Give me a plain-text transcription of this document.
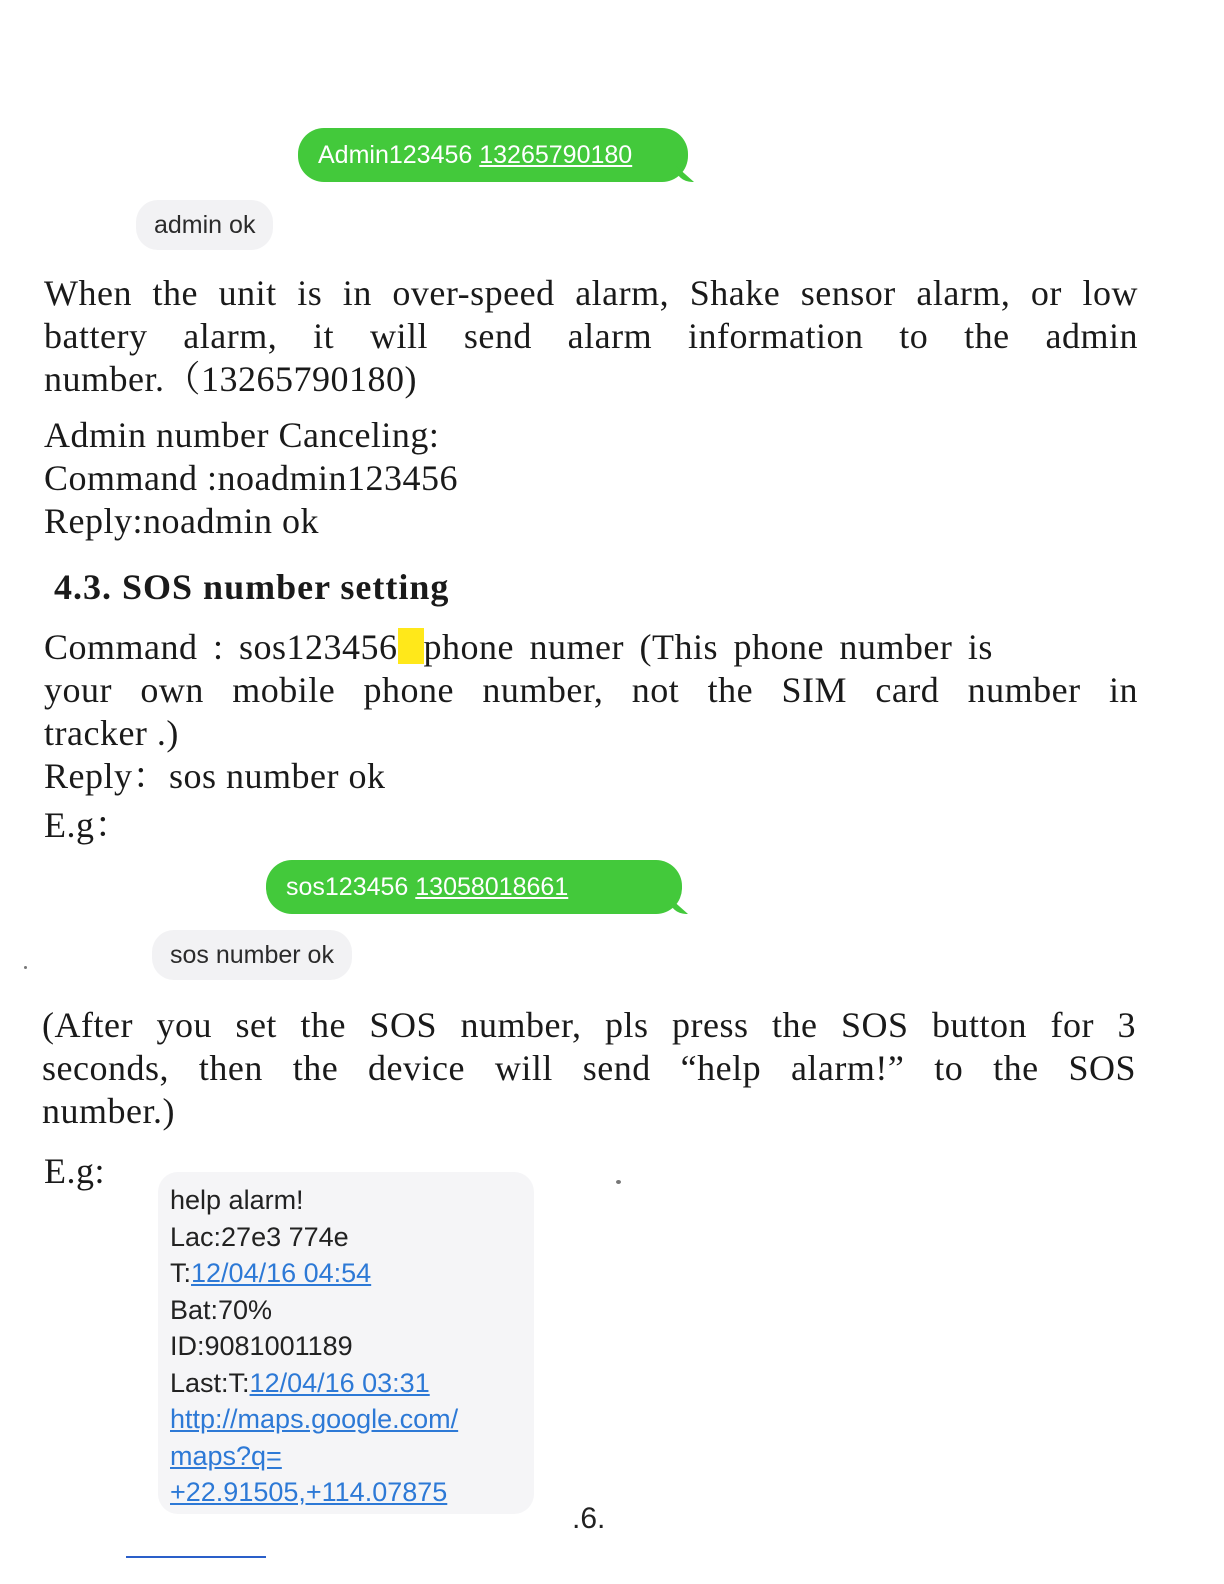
Admin123456 13265790180
admin ok

When the unit is in over-speed alarm, Shake sensor alarm, or low
battery alarm, it will send alarm information to the admin
number.（13265790180)

Admin number Canceling:
Command :noadmin123456
Reply:noadmin ok

4.3. SOS number setting

Command : sos123456 phone numer (This phone number is
your own mobile phone number, not the SIM card number in
tracker .)
Reply：sos number ok
E.g：

sos123456 13058018661
sos number ok

(After you set the SOS number, pls press the SOS button for 3
seconds, then the device will send “help alarm!” to the SOS
number.)

E.g:
help alarm!
Lac:27e3 774e
T:12/04/16 04:54
Bat:70%
ID:9081001189
Last:T:12/04/16 03:31
http://maps.google.com/
maps?q=
+22.91505,+114.07875
.6.
